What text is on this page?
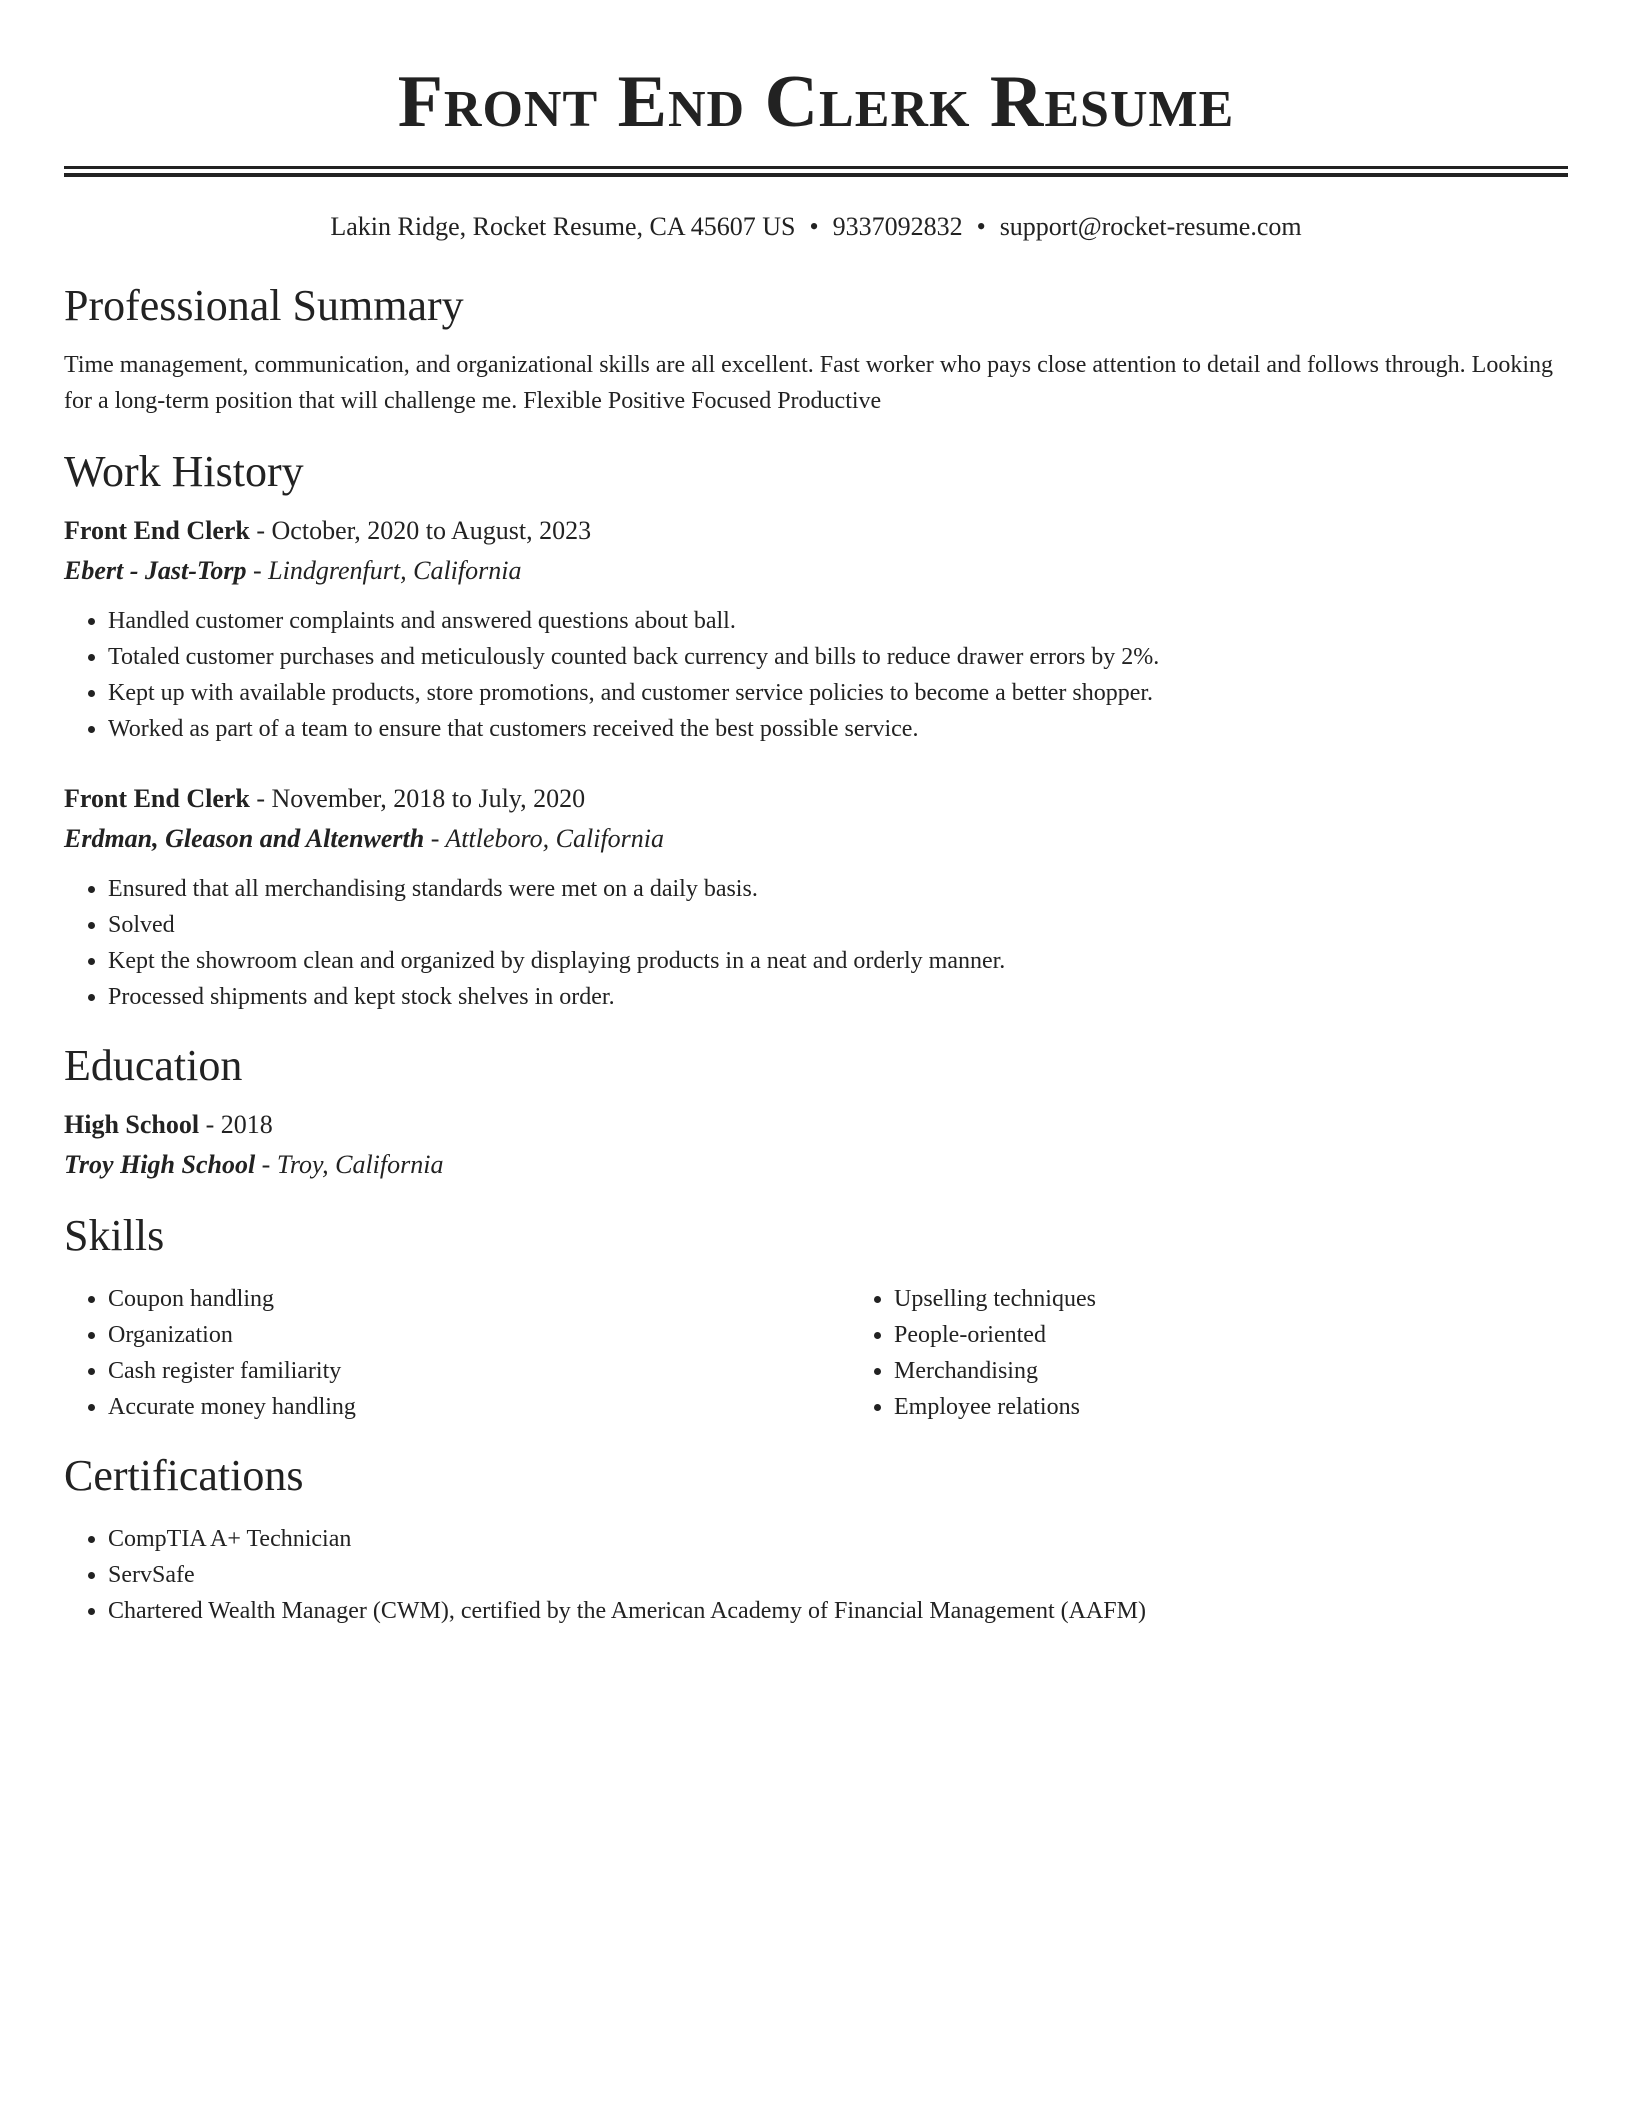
Front End Clerk Resume
Lakin Ridge, Rocket Resume, CA 45607 US • 9337092832 • support@rocket-resume.com
Professional Summary

Time management, communication, and organizational skills are all excellent. Fast worker who pays close attention to detail and follows through. Looking for a long-term position that will challenge me. Flexible Positive Focused Productive

Work History
Front End Clerk - October, 2020 to August, 2023
Ebert - Jast-Torp - Lindgrenfurt, California
• Handled customer complaints and answered questions about ball.
• Totaled customer purchases and meticulously counted back currency and bills to reduce drawer errors by 2%.
• Kept up with available products, store promotions, and customer service policies to become a better shopper.
• Worked as part of a team to ensure that customers received the best possible service.
Front End Clerk - November, 2018 to July, 2020
Erdman, Gleason and Altenwerth - Attleboro, California
• Ensured that all merchandising standards were met on a daily basis.
• Solved
• Kept the showroom clean and organized by displaying products in a neat and orderly manner.
• Processed shipments and kept stock shelves in order.
Education
High School - 2018
Troy High School - Troy, California
Skills
• Coupon handling
• Organization
• Cash register familiarity
• Accurate money handling
• Upselling techniques
• People-oriented
• Merchandising
• Employee relations
Certifications
• CompTIA A+ Technician
• ServSafe
• Chartered Wealth Manager (CWM), certified by the American Academy of Financial Management (AAFM)
